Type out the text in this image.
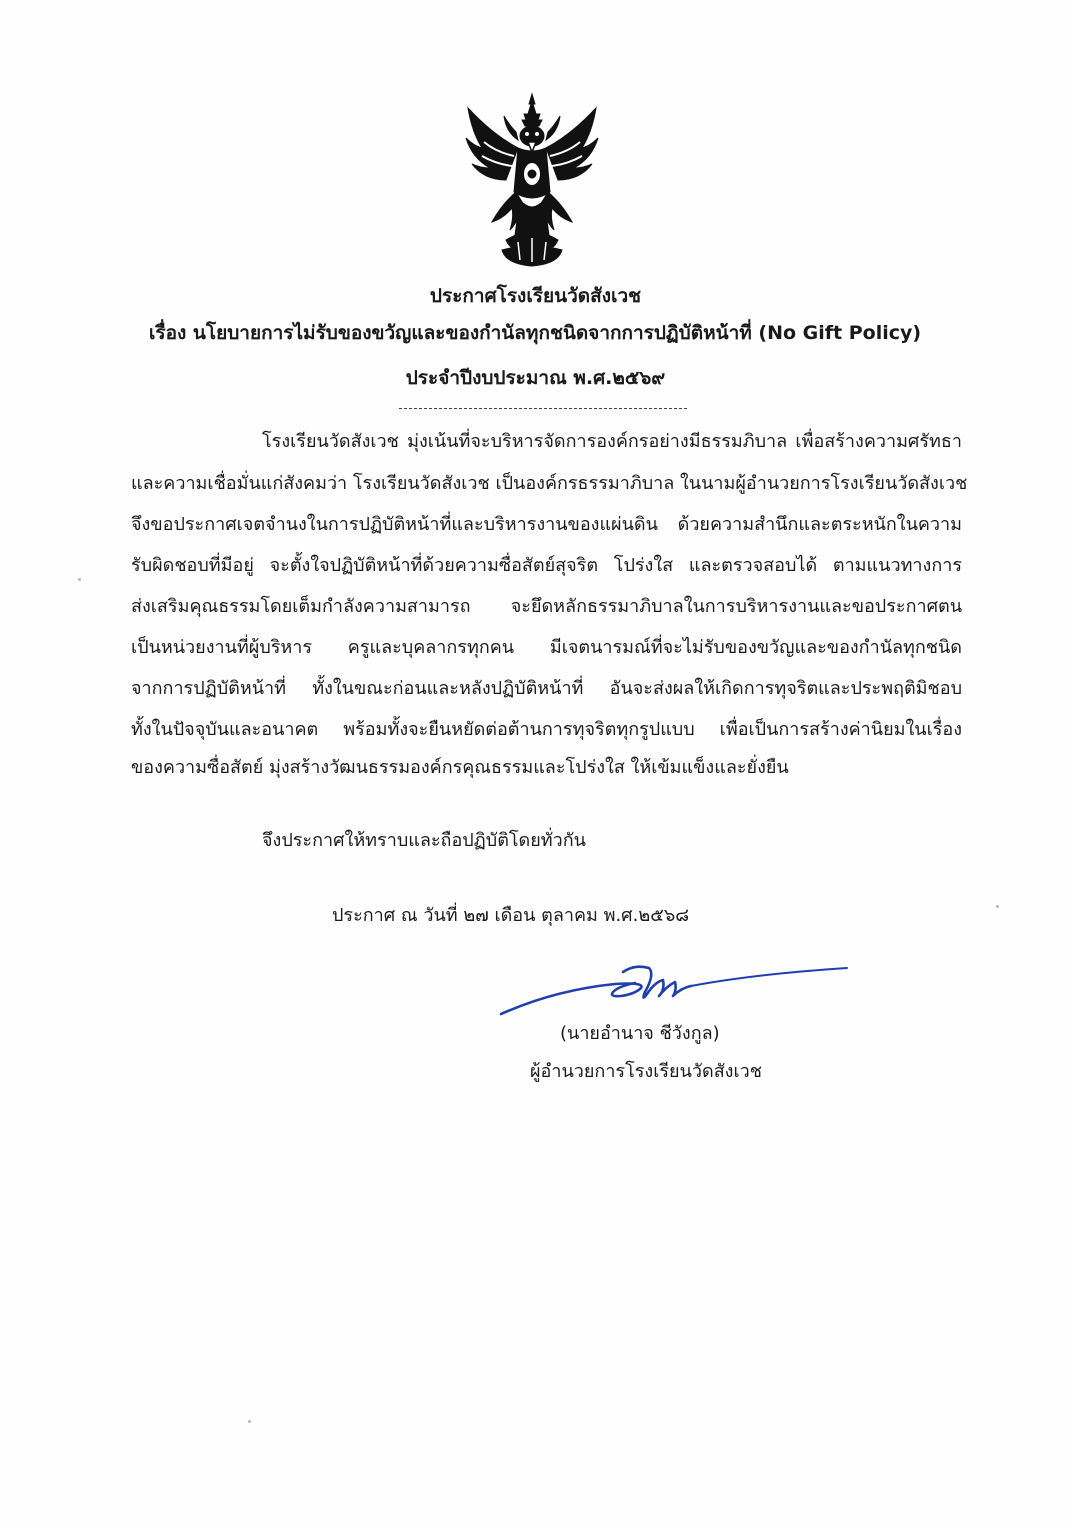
ประกาศโรงเรียนวัดสังเวช
เรื่อง นโยบายการไม่รับของขวัญและของกำนัลทุกชนิดจากการปฏิบัติหน้าที่ (No Gift Policy)
ประจำปีงบประมาณ พ.ศ.๒๕๖๙
โรงเรียนวัดสังเวช มุ่งเน้นที่จะบริหารจัดการองค์กรอย่างมีธรรมภิบาล เพื่อสร้างความศรัทธา
และความเชื่อมั่นแก่สังคมว่า โรงเรียนวัดสังเวช เป็นองค์กรธรรมาภิบาล ในนามผู้อำนวยการโรงเรียนวัดสังเวช
จึงขอประกาศเจตจำนงในการปฏิบัติหน้าที่และบริหารงานของแผ่นดิน ด้วยความสำนึกและตระหนักในความ
รับผิดชอบที่มีอยู่ จะตั้งใจปฏิบัติหน้าที่ด้วยความซื่อสัตย์สุจริต โปร่งใส และตรวจสอบได้ ตามแนวทางการ
ส่งเสริมคุณธรรมโดยเต็มกำลังความสามารถ จะยึดหลักธรรมาภิบาลในการบริหารงานและขอประกาศตน
เป็นหน่วยงานที่ผู้บริหาร ครูและบุคลากรทุกคน มีเจตนารมณ์ที่จะไม่รับของขวัญและของกำนัลทุกชนิด
จากการปฏิบัติหน้าที่ ทั้งในขณะก่อนและหลังปฏิบัติหน้าที่ อันจะส่งผลให้เกิดการทุจริตและประพฤติมิชอบ
ทั้งในปัจจุบันและอนาคต พร้อมทั้งจะยืนหยัดต่อต้านการทุจริตทุกรูปแบบ เพื่อเป็นการสร้างค่านิยมในเรื่อง
ของความซื่อสัตย์ มุ่งสร้างวัฒนธรรมองค์กรคุณธรรมและโปร่งใส ให้เข้มแข็งและยั่งยืน
จึงประกาศให้ทราบและถือปฏิบัติโดยทั่วกัน
ประกาศ ณ วันที่ ๒๗ เดือน ตุลาคม พ.ศ.๒๕๖๘
(นายอำนาจ ชีวังกูล)
ผู้อำนวยการโรงเรียนวัดสังเวช
